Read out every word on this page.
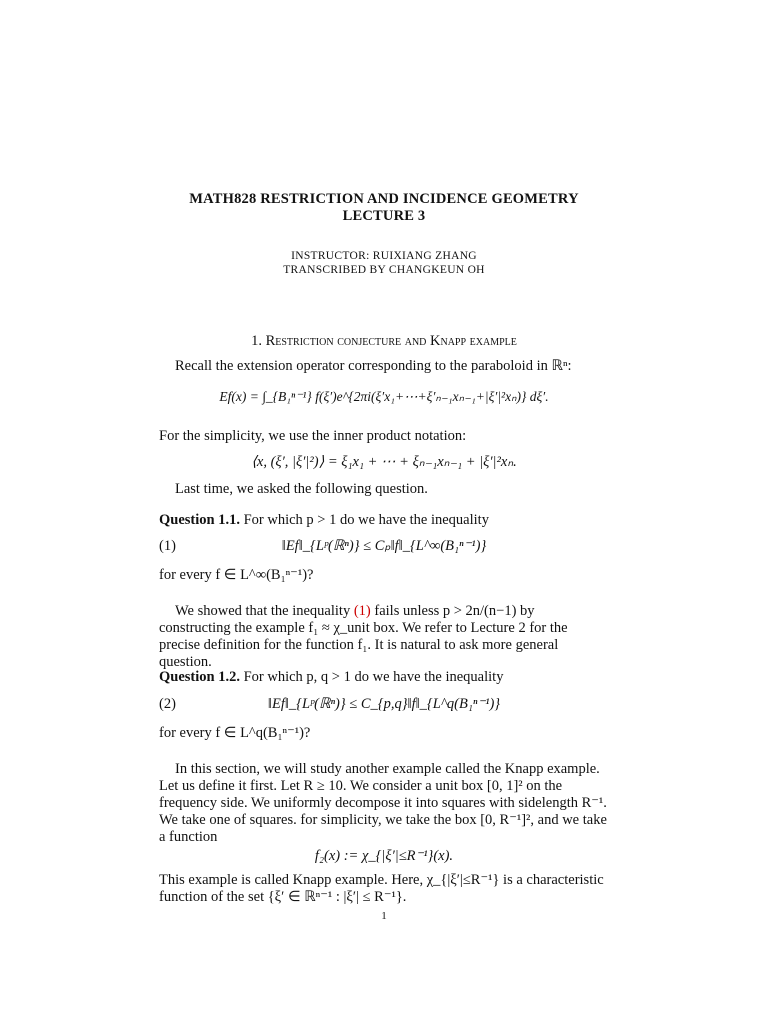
MATH828 RESTRICTION AND INCIDENCE GEOMETRY
LECTURE 3
INSTRUCTOR: RUIXIANG ZHANG
TRANSCRIBED BY CHANGKEUN OH
1. Restriction conjecture and Knapp example
Recall the extension operator corresponding to the paraboloid in ℝⁿ:
Ef(x) = ∫_{B₁ⁿ⁻¹} f(ξ′)e^{2πi(ξ′x₁+⋯+ξ′ₙ₋₁xₙ₋₁+|ξ′|²xₙ)} dξ′.
For the simplicity, we use the inner product notation:
⟨x, (ξ′, |ξ′|²)⟩ = ξ₁x₁ + ⋯ + ξₙ₋₁xₙ₋₁ + |ξ′|²xₙ.
Last time, we asked the following question.
Question 1.1. For which p > 1 do we have the inequality
(1)	‖Ef‖_{Lᵖ(ℝⁿ)} ≤ Cₚ‖f‖_{L^∞(B₁ⁿ⁻¹)}
for every f ∈ L^∞(B₁ⁿ⁻¹)?
We showed that the inequality (1) fails unless p > 2n/(n−1) by constructing the example f₁ ≈ χ_unit box. We refer to Lecture 2 for the precise definition for the function f₁. It is natural to ask more general question.
Question 1.2. For which p, q > 1 do we have the inequality
(2)	‖Ef‖_{Lᵖ(ℝⁿ)} ≤ C_{p,q}‖f‖_{L^q(B₁ⁿ⁻¹)}
for every f ∈ L^q(B₁ⁿ⁻¹)?
In this section, we will study another example called the Knapp example. Let us define it first. Let R ≥ 10. We consider a unit box [0, 1]² on the frequency side. We uniformly decompose it into squares with sidelength R⁻¹. We take one of squares. for simplicity, we take the box [0, R⁻¹]², and we take a function
f₂(x) := χ_{|ξ′|≤R⁻¹}(x).
This example is called Knapp example. Here, χ_{|ξ′|≤R⁻¹} is a characteristic function of the set {ξ′ ∈ ℝⁿ⁻¹ : |ξ′| ≤ R⁻¹}.
1
